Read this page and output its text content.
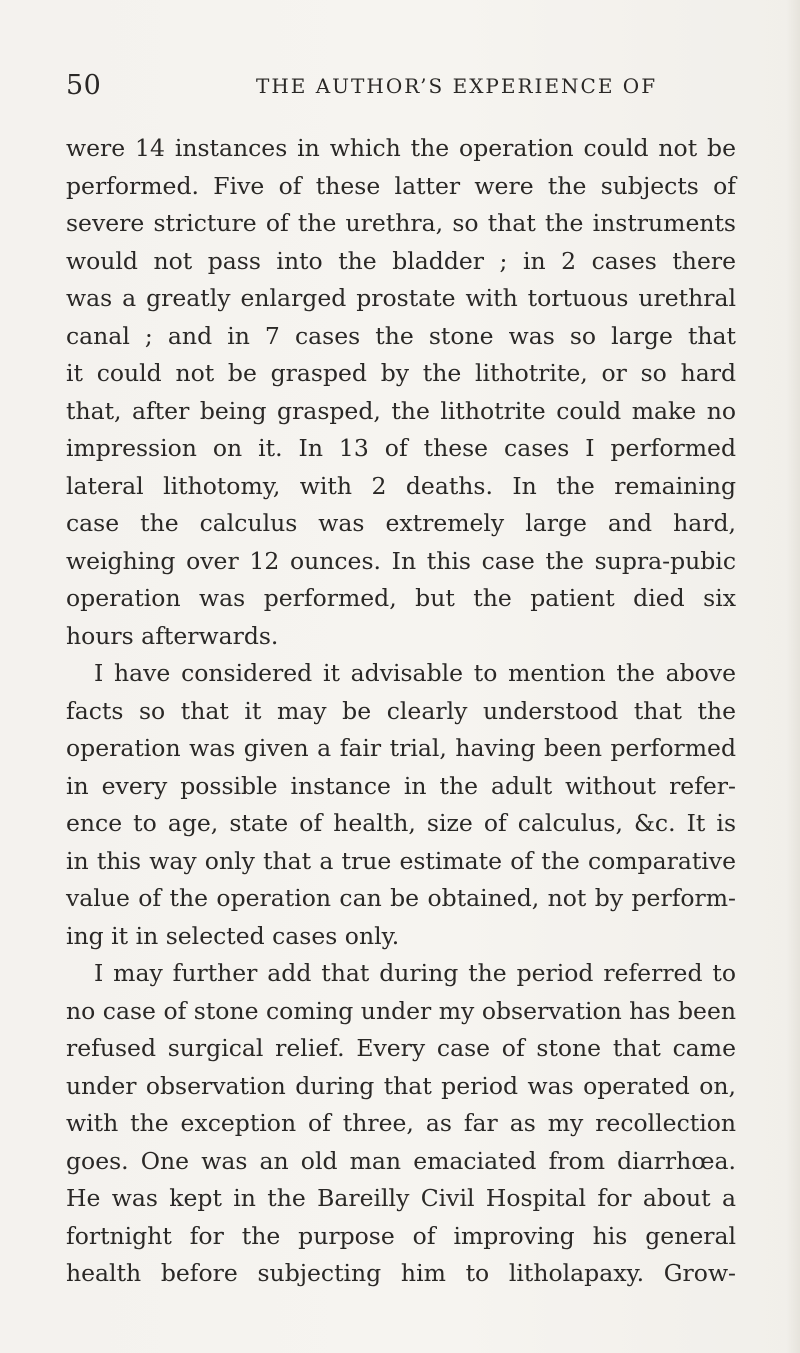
50	THE AUTHOR’S EXPERIENCE OF
were 14 instances in which the operation could not be
performed. Five of these latter were the subjects of
severe stricture of the urethra, so that the instruments
would not pass into the bladder ; in 2 cases there
was a greatly enlarged prostate with tortuous urethral
canal ; and in 7 cases the stone was so large that
it could not be grasped by the lithotrite, or so hard
that, after being grasped, the lithotrite could make no
impression on it. In 13 of these cases I performed
lateral lithotomy, with 2 deaths. In the remaining
case the calculus was extremely large and hard,
weighing over 12 ounces. In this case the supra-pubic
operation was performed, but the patient died six
hours afterwards.
I have considered it advisable to mention the above
facts so that it may be clearly understood that the
operation was given a fair trial, having been performed
in every possible instance in the adult without refer-
ence to age, state of health, size of calculus, &c. It is
in this way only that a true estimate of the comparative
value of the operation can be obtained, not by perform-
ing it in selected cases only.
I may further add that during the period referred to
no case of stone coming under my observation has been
refused surgical relief. Every case of stone that came
under observation during that period was operated on,
with the exception of three, as far as my recollection
goes. One was an old man emaciated from diarrhœa.
He was kept in the Bareilly Civil Hospital for about a
fortnight for the purpose of improving his general
health before subjecting him to litholapaxy. Grow-
